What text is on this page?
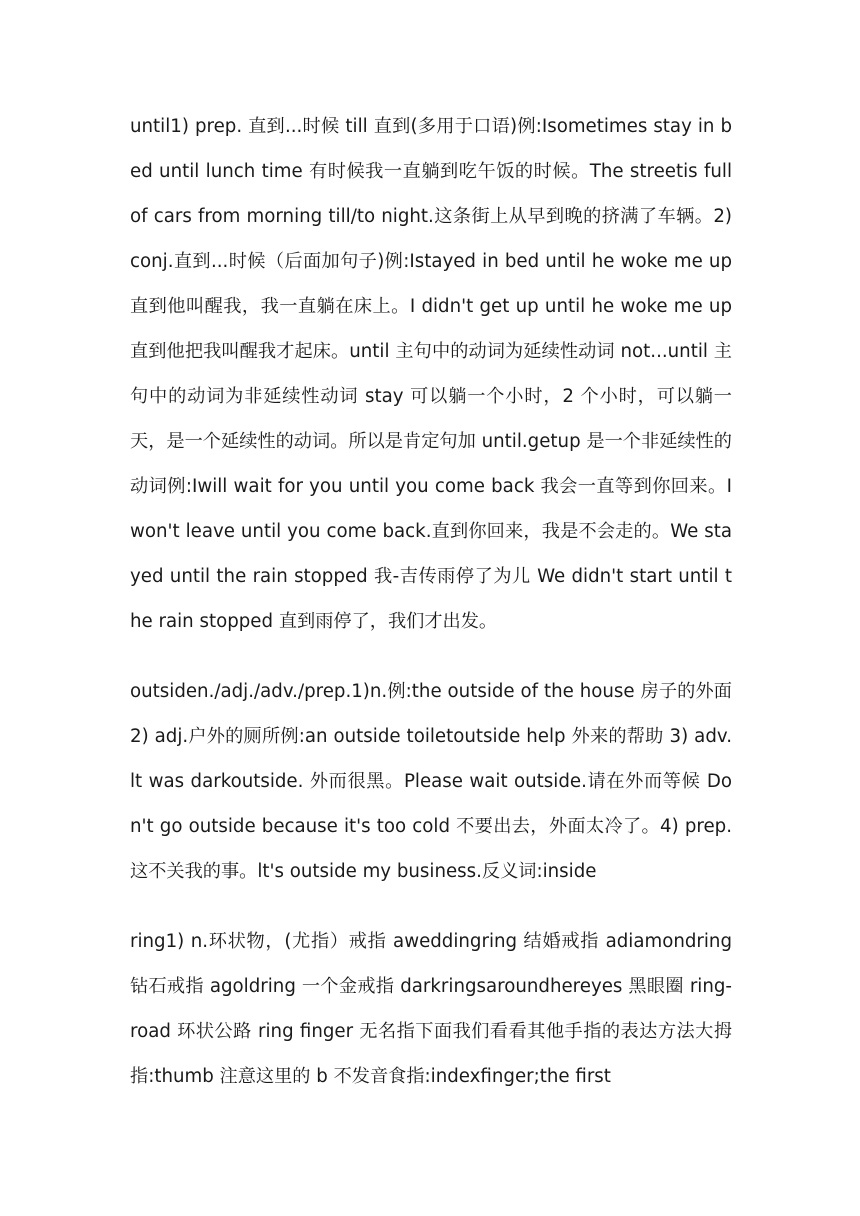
until1) prep. 直到...时候 till 直到(多用于口语)例:Isometimes stay in bed until lunch time 有时候我一直躺到吃午饭的时候。The streetis full of cars from morning till/to night.这条街上从早到晚的挤满了车辆。2) conj.直到...时候（后面加句子)例:Istayed in bed until he woke me up 直到他叫醒我，我一直躺在床上。I didn't get up until he woke me up 直到他把我叫醒我才起床。until 主句中的动词为延续性动词 not...until 主句中的动词为非延续性动词 stay 可以躺一个小时，2 个小时，可以躺一天，是一个延续性的动词。所以是肯定句加 until.getup 是一个非延续性的动词例:Iwill wait for you until you come back 我会一直等到你回来。I won't leave until you come back.直到你回来，我是不会走的。We stayed until the rain stopped 我-吉传雨停了为儿 We didn't start until the rain stopped 直到雨停了，我们才出发。

outsiden./adj./adv./prep.1)n.例:the outside of the house 房子的外面 2) adj.户外的厕所例:an outside toiletoutside help 外来的帮助 3) adv.lt was darkoutside. 外而很黑。Please wait outside.请在外而等候 Don't go outside because it's too cold 不要出去，外面太冷了。4) prep.这不关我的事。lt's outside my business.反义词:inside

ring1) n.环状物，(尤指）戒指 aweddingring 结婚戒指 adiamondring 钻石戒指 agoldring 一个金戒指 darkringsaroundhereyes 黑眼圈 ring-road 环状公路 ring finger 无名指下面我们看看其他手指的表达方法大拇指:thumb 注意这里的 b 不发音食指:indexfinger;the first
